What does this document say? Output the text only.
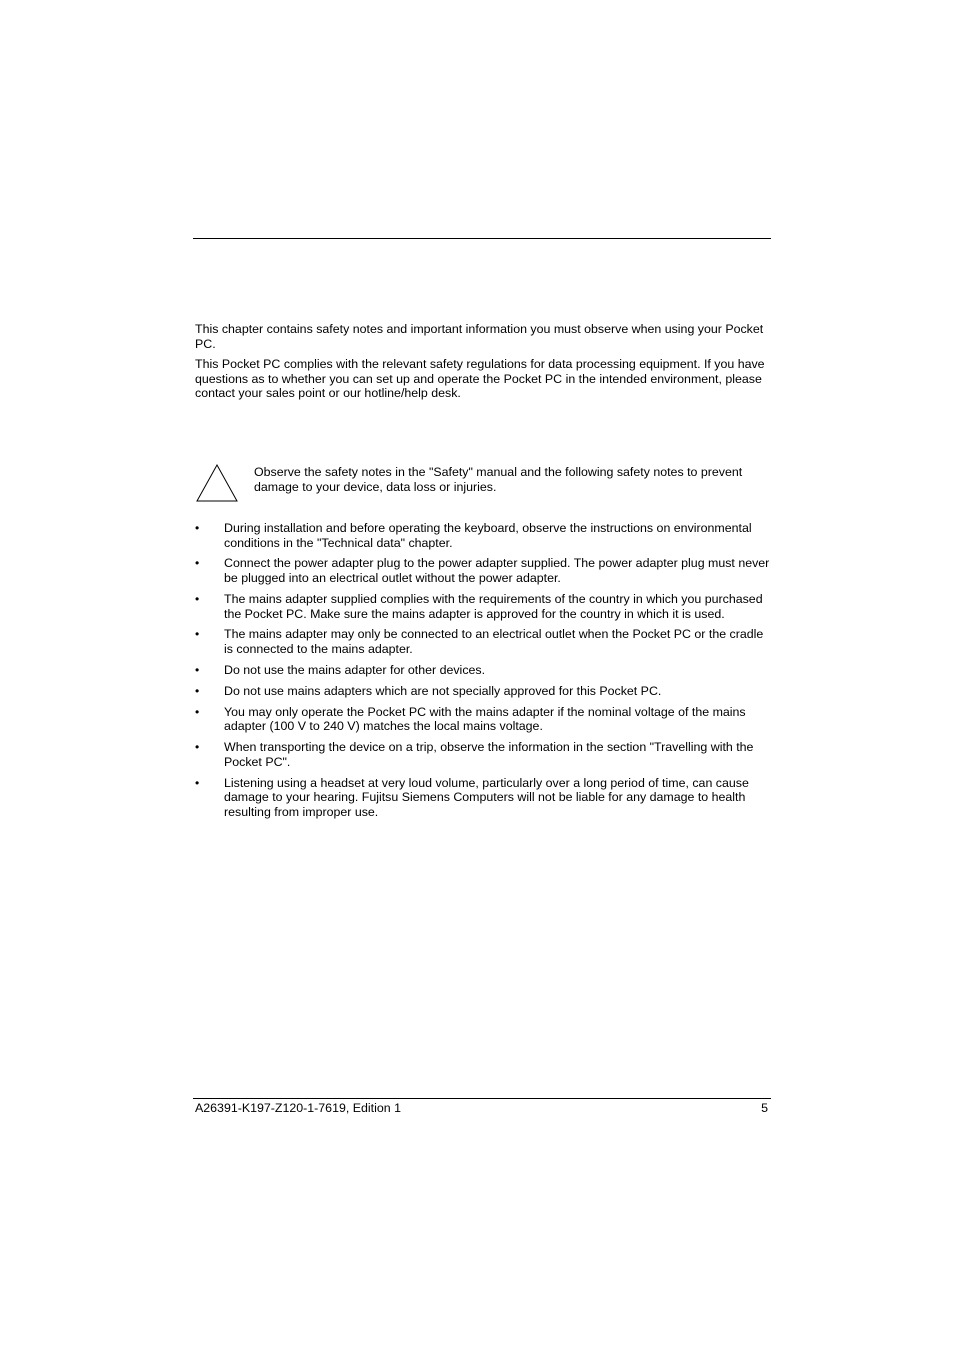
This chapter contains safety notes and important information you must observe when using your Pocket PC.

This Pocket PC complies with the relevant safety regulations for data processing equipment. If you have questions as to whether you can set up and operate the Pocket PC in the intended environment, please contact your sales point or our hotline/help desk.

Observe the safety notes in the "Safety" manual and the following safety notes to prevent damage to your device, data loss or injuries.

•	During installation and before operating the keyboard, observe the instructions on environmental conditions in the "Technical data" chapter.
•	Connect the power adapter plug to the power adapter supplied. The power adapter plug must never be plugged into an electrical outlet without the power adapter.
•	The mains adapter supplied complies with the requirements of the country in which you purchased the Pocket PC. Make sure the mains adapter is approved for the country in which it is used.
•	The mains adapter may only be connected to an electrical outlet when the Pocket PC or the cradle is connected to the mains adapter.
•	Do not use the mains adapter for other devices.
•	Do not use mains adapters which are not specially approved for this Pocket PC.
•	You may only operate the Pocket PC with the mains adapter if the nominal voltage of the mains adapter (100 V to 240 V) matches the local mains voltage.
•	When transporting the device on a trip, observe the information in the section "Travelling with the Pocket PC".
•	Listening using a headset at very loud volume, particularly over a long period of time, can cause damage to your hearing. Fujitsu Siemens Computers will not be liable for any damage to health resulting from improper use.
A26391-K197-Z120-1-7619, Edition 1	5
